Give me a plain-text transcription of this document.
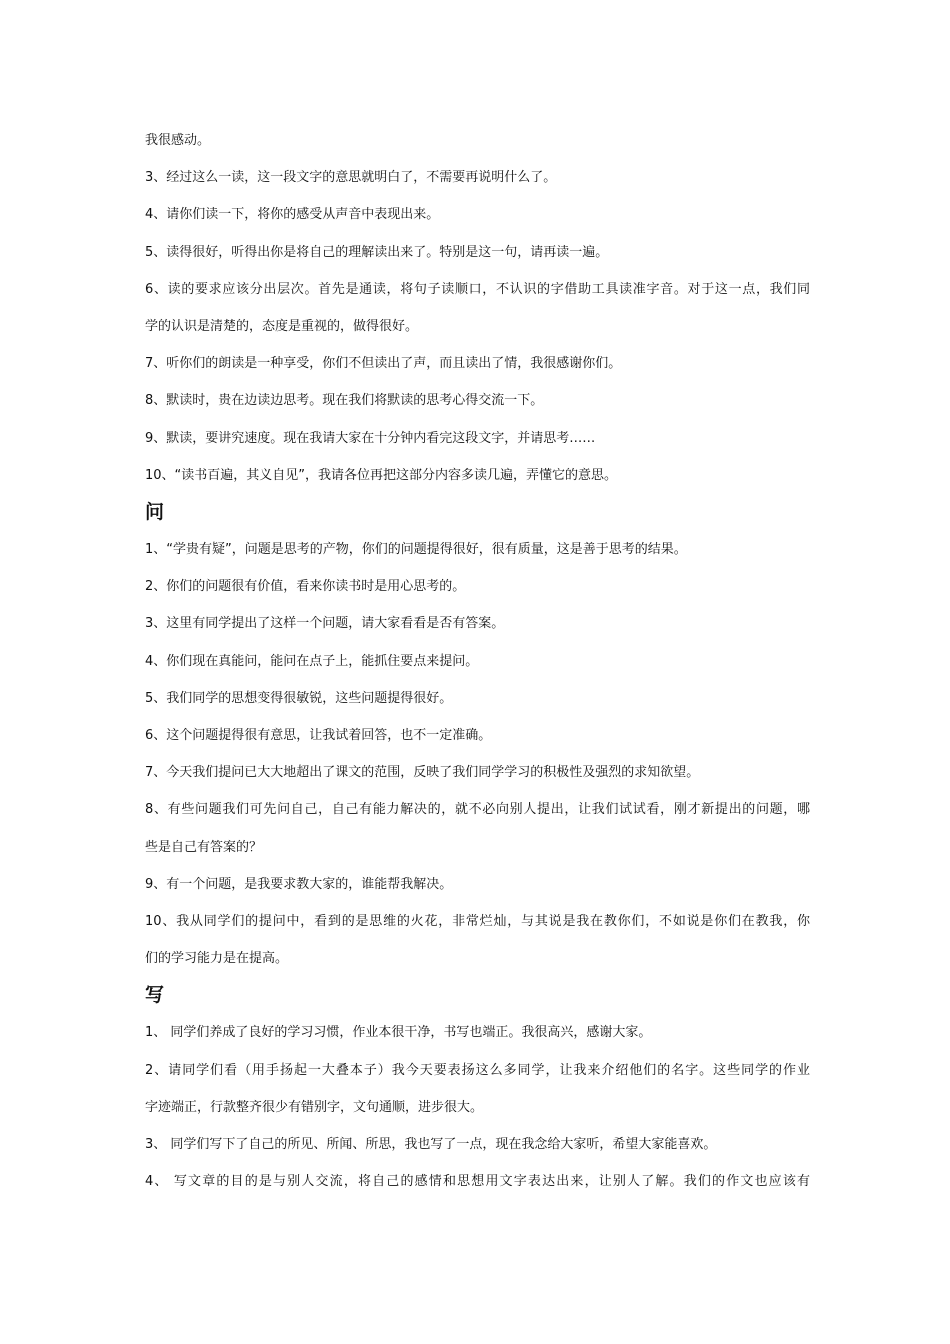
我很感动。
3、经过这么一读，这一段文字的意思就明白了，不需要再说明什么了。
4、请你们读一下，将你的感受从声音中表现出来。
5、读得很好，听得出你是将自己的理解读出来了。特别是这一句，请再读一遍。
6、读的要求应该分出层次。首先是通读，将句子读顺口，不认识的字借助工具读准字音。对于这一点，我们同
学的认识是清楚的，态度是重视的，做得很好。
7、听你们的朗读是一种享受，你们不但读出了声，而且读出了情，我很感谢你们。
8、默读时，贵在边读边思考。现在我们将默读的思考心得交流一下。
9、默读，要讲究速度。现在我请大家在十分钟内看完这段文字，并请思考……
10、“读书百遍，其义自见”，我请各位再把这部分内容多读几遍，弄懂它的意思。
问
1、“学贵有疑”，问题是思考的产物，你们的问题提得很好，很有质量，这是善于思考的结果。
2、你们的问题很有价值，看来你读书时是用心思考的。
3、这里有同学提出了这样一个问题，请大家看看是否有答案。
4、你们现在真能问，能问在点子上，能抓住要点来提问。
5、我们同学的思想变得很敏锐，这些问题提得很好。
6、这个问题提得很有意思，让我试着回答，也不一定准确。
7、今天我们提问已大大地超出了课文的范围，反映了我们同学学习的积极性及强烈的求知欲望。
8、有些问题我们可先问自己，自己有能力解决的，就不必向别人提出，让我们试试看，刚才新提出的问题，哪
些是自己有答案的？
9、有一个问题，是我要求教大家的，谁能帮我解决。
10、我从同学们的提问中，看到的是思维的火花，非常烂灿，与其说是我在教你们，不如说是你们在教我，你
们的学习能力是在提高。
写
1、 同学们养成了良好的学习习惯，作业本很干净，书写也端正。我很高兴，感谢大家。
2、请同学们看（用手扬起一大叠本子）我今天要表扬这么多同学，让我来介绍他们的名字。这些同学的作业
字迹端正，行款整齐很少有错别字，文句通顺，进步很大。
3、 同学们写下了自己的所见、所闻、所思，我也写了一点，现在我念给大家听，希望大家能喜欢。
4、 写文章的目的是与别人交流，将自己的感情和思想用文字表达出来，让别人了解。我们的作文也应该有
